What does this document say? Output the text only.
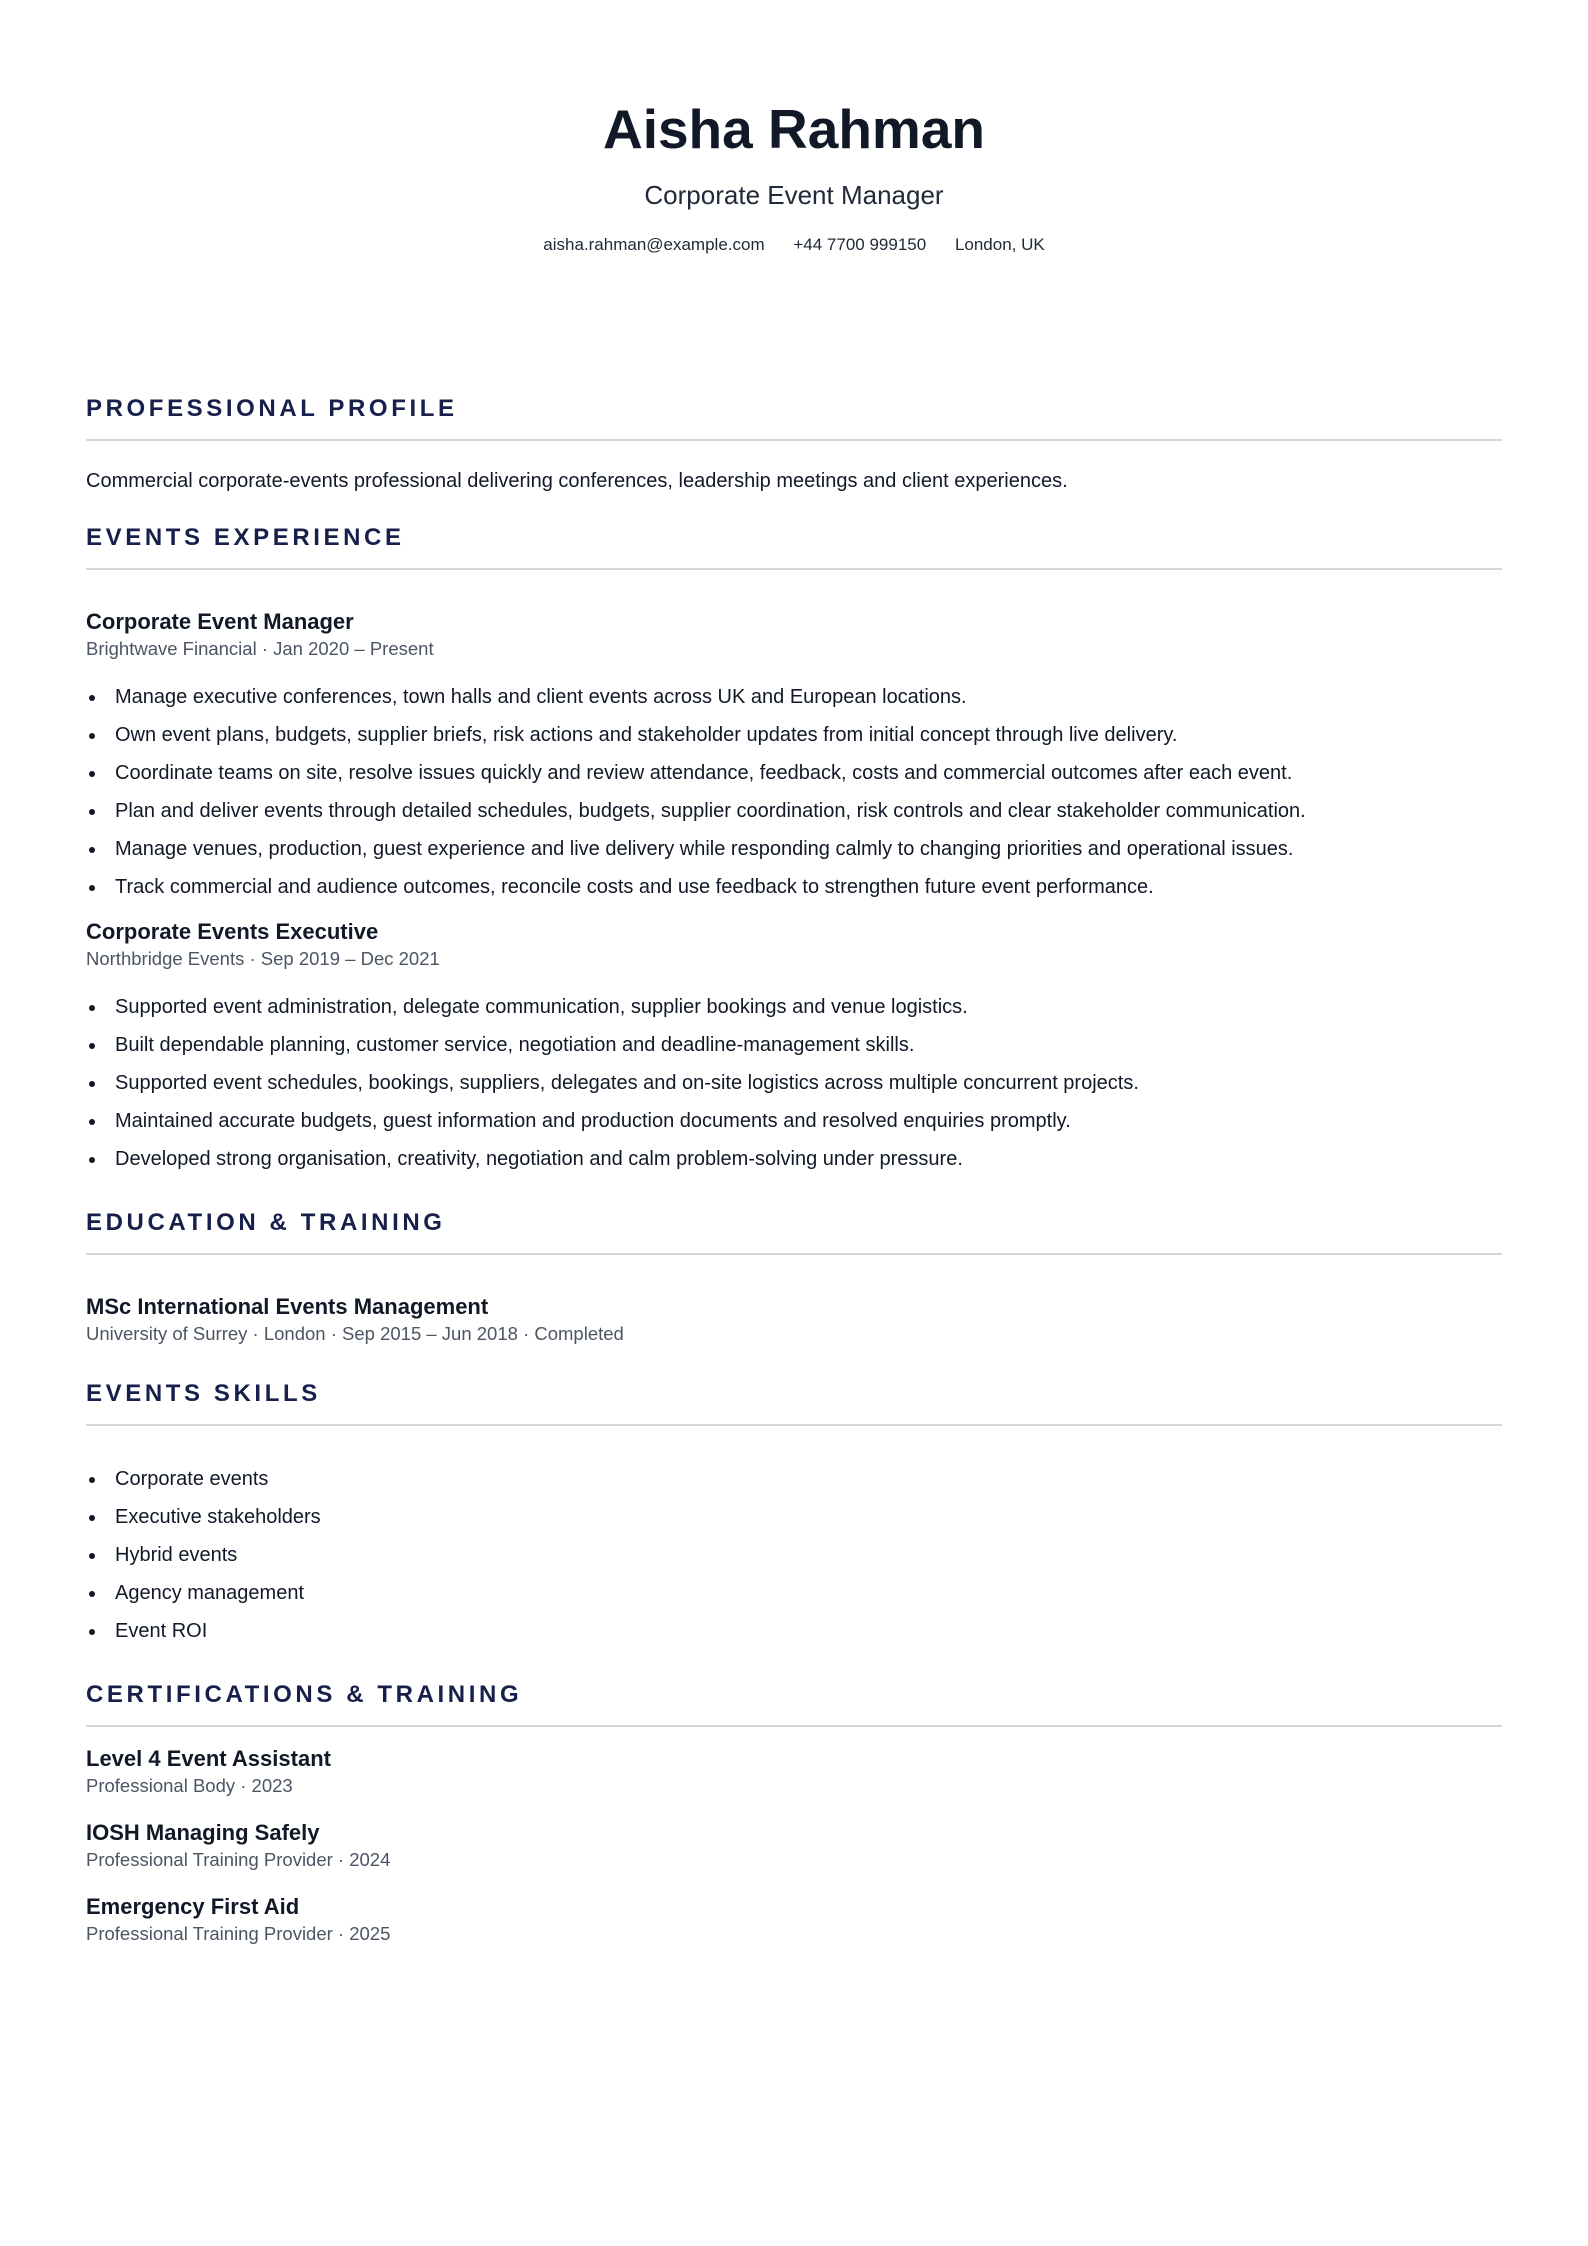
Aisha Rahman
Corporate Event Manager
aisha.rahman@example.com +44 7700 999150 London, UK
PROFESSIONAL PROFILE
Commercial corporate-events professional delivering conferences, leadership meetings and client experiences.
EVENTS EXPERIENCE
Corporate Event Manager
Brightwave Financial · Jan 2020 – Present
Manage executive conferences, town halls and client events across UK and European locations.
Own event plans, budgets, supplier briefs, risk actions and stakeholder updates from initial concept through live delivery.
Coordinate teams on site, resolve issues quickly and review attendance, feedback, costs and commercial outcomes after each event.
Plan and deliver events through detailed schedules, budgets, supplier coordination, risk controls and clear stakeholder communication.
Manage venues, production, guest experience and live delivery while responding calmly to changing priorities and operational issues.
Track commercial and audience outcomes, reconcile costs and use feedback to strengthen future event performance.
Corporate Events Executive
Northbridge Events · Sep 2019 – Dec 2021
Supported event administration, delegate communication, supplier bookings and venue logistics.
Built dependable planning, customer service, negotiation and deadline-management skills.
Supported event schedules, bookings, suppliers, delegates and on-site logistics across multiple concurrent projects.
Maintained accurate budgets, guest information and production documents and resolved enquiries promptly.
Developed strong organisation, creativity, negotiation and calm problem-solving under pressure.
EDUCATION & TRAINING
MSc International Events Management
University of Surrey · London · Sep 2015 – Jun 2018 · Completed
EVENTS SKILLS
Corporate events
Executive stakeholders
Hybrid events
Agency management
Event ROI
CERTIFICATIONS & TRAINING
Level 4 Event Assistant
Professional Body · 2023
IOSH Managing Safely
Professional Training Provider · 2024
Emergency First Aid
Professional Training Provider · 2025
